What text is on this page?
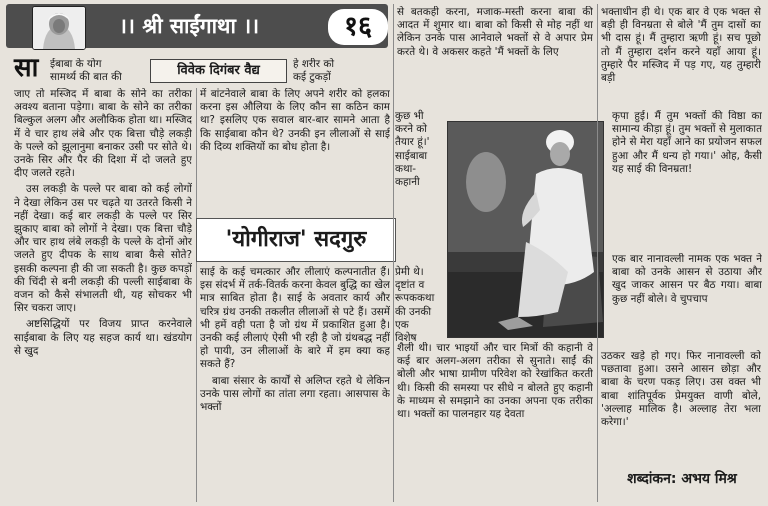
।। श्री साईंगाथा ।।	१६
सा ईबाबा के योग

सामर्थ्य की बात की	विवेक दिगंबर वैद्य	हे शरीर को

कई टुकड़ों

जाए तो मस्जिद में बाबा के सोने का तरीका अवश्य बताना पड़ेगा। बाबा के सोने का तरीका बिल्कुल अलग और अलौकिक होता था। मस्जिद में वे चार हाथ लंबे और एक बित्ता चौड़े लकड़ी के पल्ले को झूलानुमा बनाकर उसी पर सोते थे। उनके सिर और पैर की दिशा में दो जलते हुए दीए जलते रहते।

उस लकड़ी के पल्ले पर बाबा को कई लोगों ने देखा लेकिन उस पर चढ़ते या उतरते किसी ने नहीं देखा। कई बार लकड़ी के पल्ले पर सिर झुकाए बाबा को लोगों ने देखा। एक बित्ता चौड़े और चार हाथ लंबे लकड़ी के पल्ले के दोनों ओर जलते हुए दीपक के साथ बाबा कैसे सोते? इसकी कल्पना ही की जा सकती है। कुछ कपड़ों की चिंदी से बनी लकड़ी की पल्ली साईबाबा के वजन को कैसे संभालती थी, यह सोचकर भी सिर चकरा जाए।

अष्टसिद्धियों पर विजय प्राप्त करनेवाले साईबाबा के लिए यह सहज कार्य था। खंडयोग से खुद

में बांटनेवाले बाबा के लिए अपने शरीर को हलका करना इस औलिया के लिए कौन सा कठिन काम था? इसलिए एक सवाल बार-बार सामने आता है कि साईबाबा कौन थे? उनकी इन लीलाओं से साई की दिव्य शक्तियों का बोध होता है।

'योगीराज' सदगुरु

साई के कई चमत्कार और लीलाएं कल्पनातीत हैं। इस संदर्भ में तर्क-वितर्क करना केवल बुद्धि का खेल मात्र साबित होता है। साई के अवतार कार्य और चरित्र ग्रंथ उनकी तकलीत लीलाओं से पटे हैं। उसमें भी हमें वही पता है जो ग्रंथ में प्रकाशित हुआ है। उनकी कई लीलाएं ऐसी भी रही है जो ग्रंथबद्ध नहीं हो पायी, उन लीलाओं के बारे में हम क्या कह सकते हैं?

बाबा संसार के कार्यों से अलिप्त रहते थे लेकिन उनके पास लोगों का तांता लगा रहता। आसपास के भक्तों

से बतकही करना, मजाक-मस्ती करना बाबा की आदत में शुमार था। बाबा को किसी से मोह नहीं था लेकिन उनके पास आनेवाले भक्तों से वे अपार प्रेम करते थे। वे अकसर कहते 'मैं भक्तों के लिए

कुछ भी

करने को

तैयार हूं।'

साईबाबा

कथा-

कहानी

प्रेमी थे।

दृष्टांत व

रूपककथा

की उनकी

एक

विशेष

शैली थी। चार भाइयों और चार मित्रों की कहानी वे कई बार अलग-अलग तरीका से सुनाते। साईं की बोली और भाषा ग्रामीण परिवेश को रेखांकित करती थी। किसी की समस्या पर सीधे न बोलते हुए कहानी के माध्यम से समझाने का उनका अपना एक तरीका था। भक्तों का पालनहार यह देवता

भक्ताधीन ही थे। एक बार वे एक भक्त से बड़ी ही विनम्रता से बोले 'मैं तुम दासों का भी दास हूं। मैं तुम्हारा ऋणी हूं। सच पूछो तो मैं तुम्हारा दर्शन करने यहाँ आया हूं। तुम्हारे पैर मस्जिद में पड़ गए, यह तुम्हारी बड़ी

कृपा हुई। मैं तुम भक्तों की विष्ठा का सामान्य कीड़ा हूं। तुम भक्तों से मुलाकात होने से मेरा यहाँ आने का प्रयोजन सफल हुआ और मैं धन्य हो गया।' ओह, कैसी यह साई की विनम्रता!

एक बार नानावल्ली नामक एक भक्त ने बाबा को उनके आसन से उठाया और खुद जाकर आसन पर बैठ गया। बाबा कुछ नहीं बोले। वे चुपचाप

उठकर खड़े हो गए। फिर नानावल्ली को पछतावा हुआ। उसने आसन छोड़ा और बाबा के चरण पकड़ लिए। उस वक्त भी बाबा शांतिपूर्वक प्रेमयुक्त वाणी बोले, 'अल्लाह मालिक है। अल्लाह तेरा भला करेगा।'

शब्दांकन: अभय मिश्र
